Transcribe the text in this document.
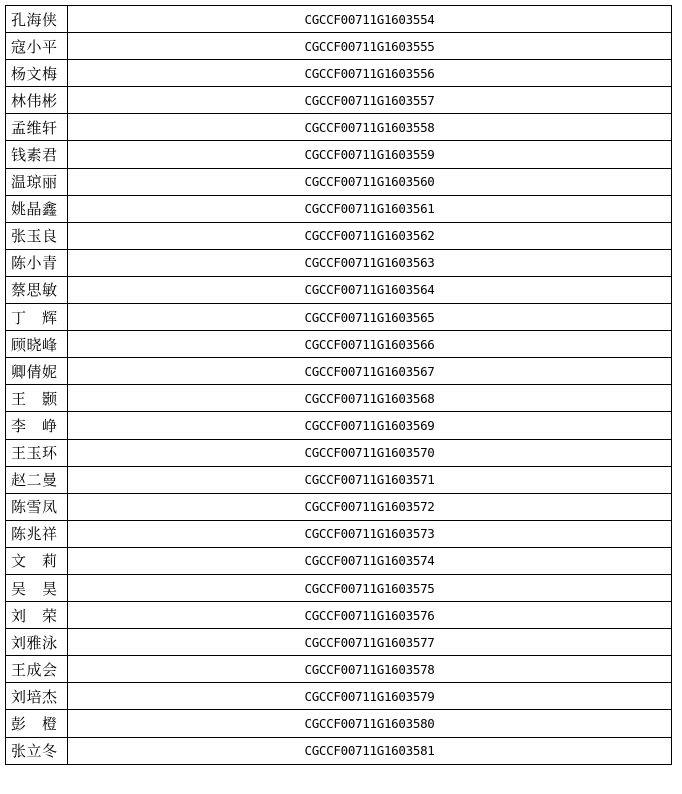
孔海侠	CGCCF00711G1603554
寇小平	CGCCF00711G1603555
杨文梅	CGCCF00711G1603556
林伟彬	CGCCF00711G1603557
孟维轩	CGCCF00711G1603558
钱素君	CGCCF00711G1603559
温琼丽	CGCCF00711G1603560
姚晶鑫	CGCCF00711G1603561
张玉良	CGCCF00711G1603562
陈小青	CGCCF00711G1603563
蔡思敏	CGCCF00711G1603564
丁　辉	CGCCF00711G1603565
顾晓峰	CGCCF00711G1603566
卿倩妮	CGCCF00711G1603567
王　颢	CGCCF00711G1603568
李　峥	CGCCF00711G1603569
王玉环	CGCCF00711G1603570
赵二曼	CGCCF00711G1603571
陈雪凤	CGCCF00711G1603572
陈兆祥	CGCCF00711G1603573
文　莉	CGCCF00711G1603574
吴　昊	CGCCF00711G1603575
刘　荣	CGCCF00711G1603576
刘雅泳	CGCCF00711G1603577
王成会	CGCCF00711G1603578
刘培杰	CGCCF00711G1603579
彭　橙	CGCCF00711G1603580
张立冬	CGCCF00711G1603581
